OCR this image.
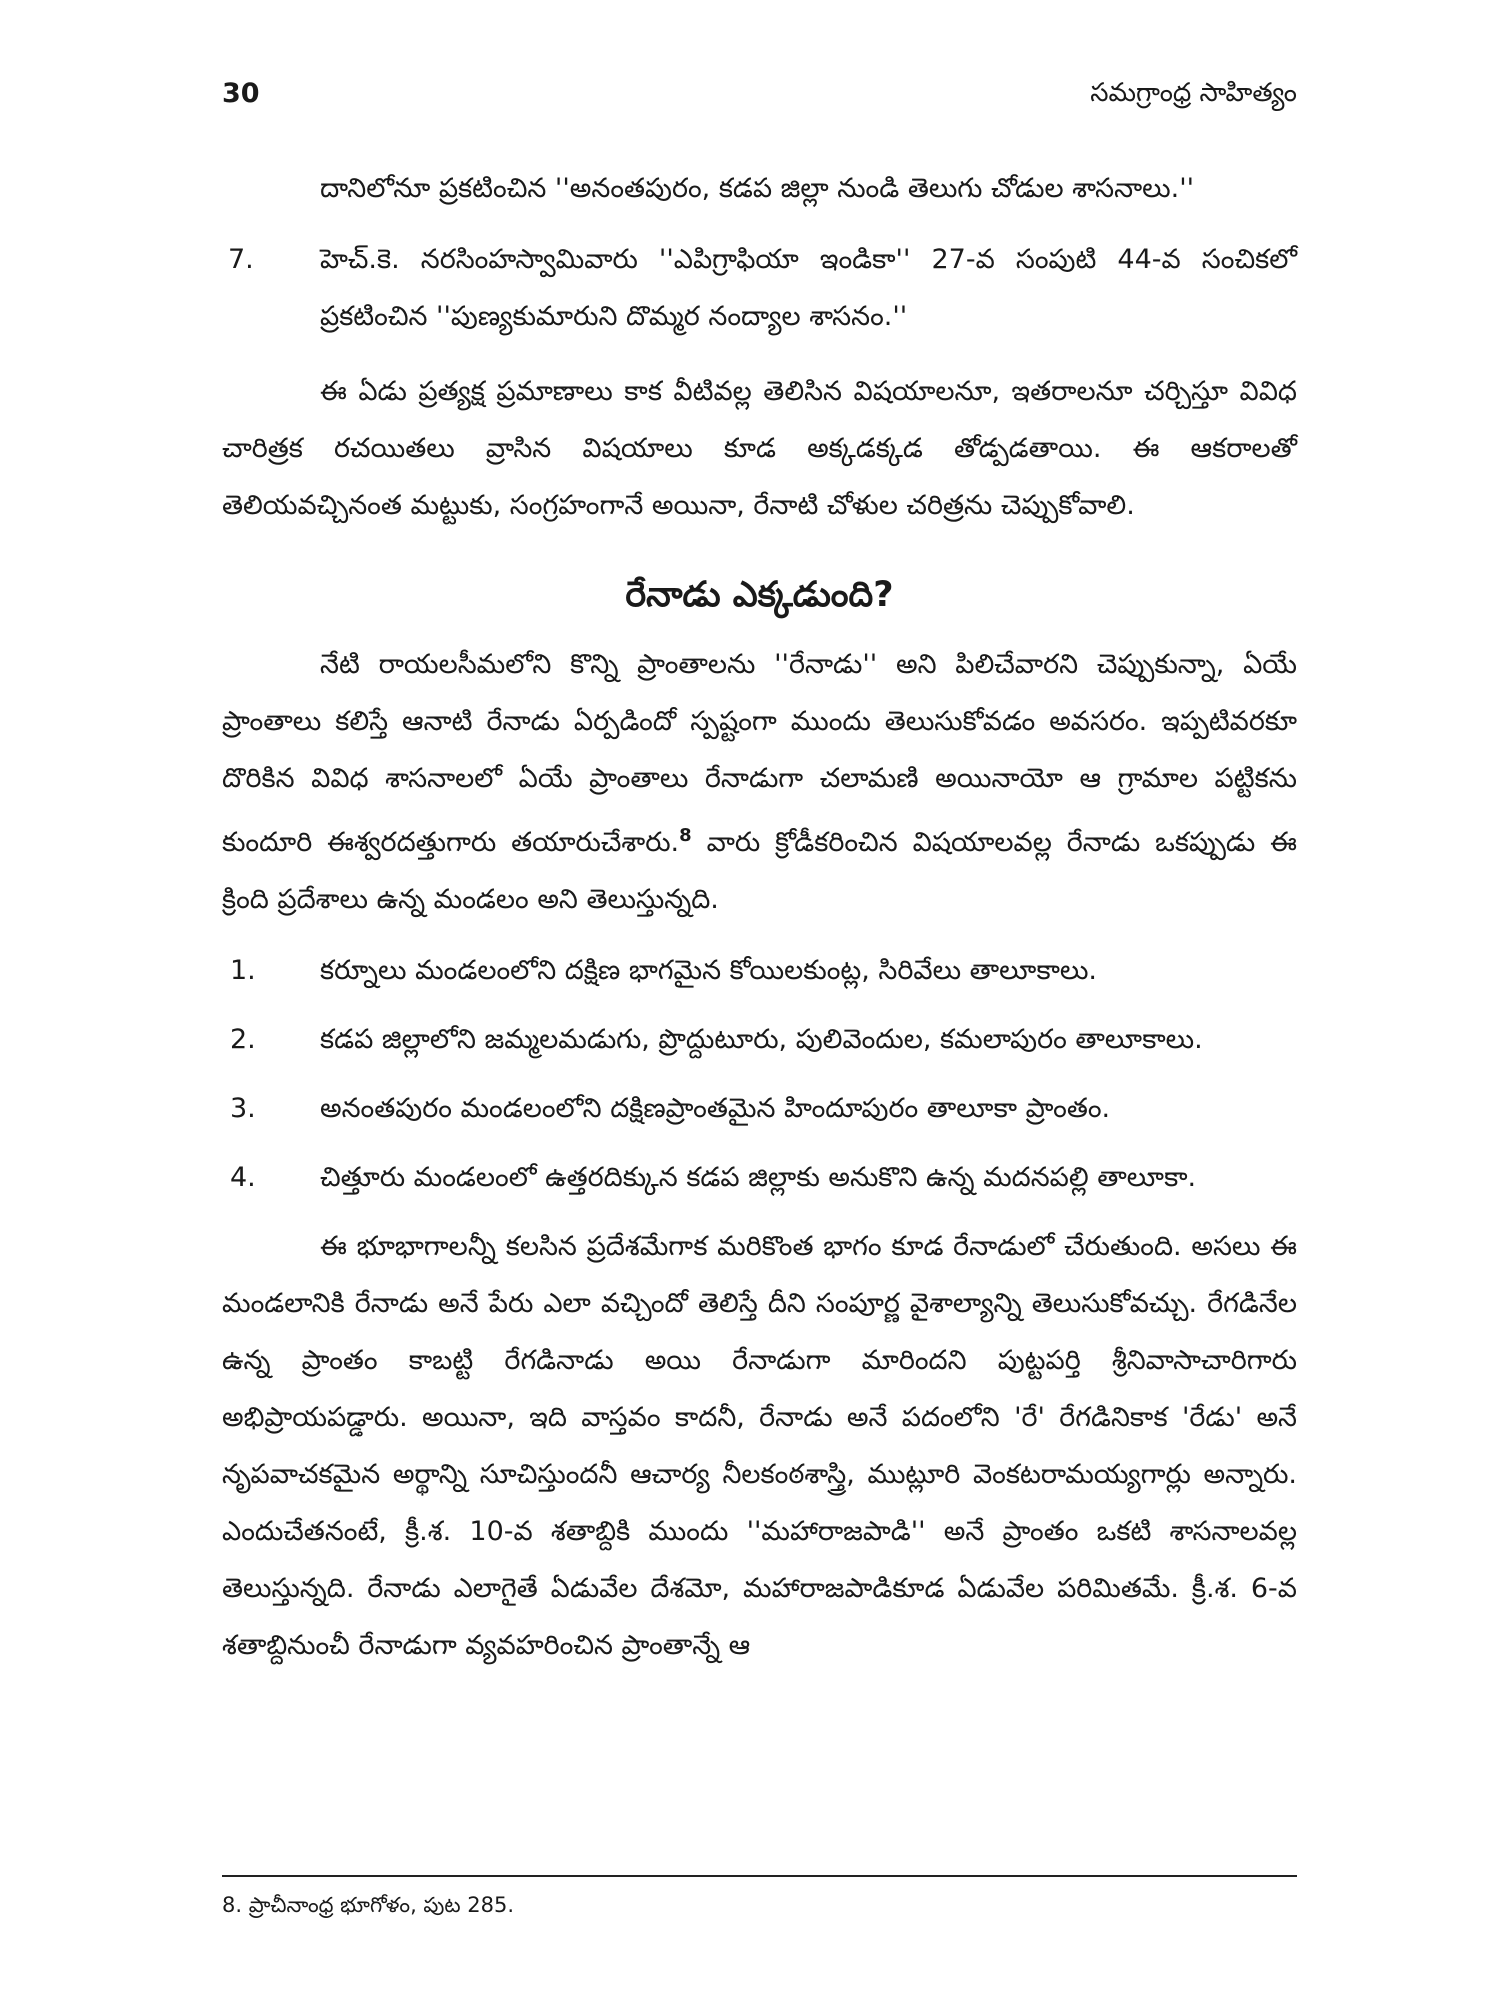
30	సమగ్రాంధ్ర సాహిత్యం

దానిలోనూ ప్రకటించిన ''అనంతపురం, కడప జిల్లా నుండి తెలుగు చోడుల శాసనాలు.''

7. హెచ్.కె. నరసింహస్వామివారు ''ఎపిగ్రాఫియా ఇండికా'' 27-వ సంపుటి 44-వ సంచికలో ప్రకటించిన ''పుణ్యకుమారుని దొమ్మర నంద్యాల శాసనం.''

ఈ ఏడు ప్రత్యక్ష ప్రమాణాలు కాక వీటివల్ల తెలిసిన విషయాలనూ, ఇతరాలనూ చర్చిస్తూ వివిధ చారిత్రక రచయితలు వ్రాసిన విషయాలు కూడ అక్కడక్కడ తోడ్పడతాయి. ఈ ఆకరాలతో తెలియవచ్చినంత మట్టుకు, సంగ్రహంగానే అయినా, రేనాటి చోళుల చరిత్రను చెప్పుకోవాలి.

రేనాడు ఎక్కడుంది?

నేటి రాయలసీమలోని కొన్ని ప్రాంతాలను ''రేనాడు'' అని పిలిచేవారని చెప్పుకున్నా, ఏయే ప్రాంతాలు కలిస్తే ఆనాటి రేనాడు ఏర్పడిందో స్పష్టంగా ముందు తెలుసుకోవడం అవసరం. ఇప్పటివరకూ దొరికిన వివిధ శాసనాలలో ఏయే ప్రాంతాలు రేనాడుగా చలామణి అయినాయో ఆ గ్రామాల పట్టికను కుందూరి ఈశ్వరదత్తుగారు తయారుచేశారు.$^8$ వారు క్రోడీకరించిన విషయాలవల్ల రేనాడు ఒకప్పుడు ఈ క్రింది ప్రదేశాలు ఉన్న మండలం అని తెలుస్తున్నది.

1. కర్నూలు మండలంలోని దక్షిణ భాగమైన కోయిలకుంట్ల, సిరివేలు తాలూకాలు.
2. కడప జిల్లాలోని జమ్మలమడుగు, ప్రొద్దుటూరు, పులివెందుల, కమలాపురం తాలూకాలు.
3. అనంతపురం మండలంలోని దక్షిణప్రాంతమైన హిందూపురం తాలూకా ప్రాంతం.
4. చిత్తూరు మండలంలో ఉత్తరదిక్కున కడప జిల్లాకు అనుకొని ఉన్న మదనపల్లి తాలూకా.

ఈ భూభాగాలన్నీ కలసిన ప్రదేశమేగాక మరికొంత భాగం కూడ రేనాడులో చేరుతుంది. అసలు ఈ మండలానికి రేనాడు అనే పేరు ఎలా వచ్చిందో తెలిస్తే దీని సంపూర్ణ వైశాల్యాన్ని తెలుసుకోవచ్చు. రేగడినేల ఉన్న ప్రాంతం కాబట్టి రేగడినాడు అయి రేనాడుగా మారిందని పుట్టపర్తి శ్రీనివాసాచారిగారు అభిప్రాయపడ్డారు. అయినా, ఇది వాస్తవం కాదనీ, రేనాడు అనే పదంలోని 'రే' రేగడినికాక 'రేడు' అనే నృపవాచకమైన అర్థాన్ని సూచిస్తుందనీ ఆచార్య నీలకంఠశాస్త్రి, ముట్లూరి వెంకటరామయ్యగార్లు అన్నారు. ఎందుచేతనంటే, క్రీ.శ. 10-వ శతాబ్దికి ముందు ''మహారాజపాడి'' అనే ప్రాంతం ఒకటి శాసనాలవల్ల తెలుస్తున్నది. రేనాడు ఎలాగైతే ఏడువేల దేశమో, మహారాజపాడికూడ ఏడువేల పరిమితమే. క్రీ.శ. 6-వ శతాబ్దినుంచీ రేనాడుగా వ్యవహరించిన ప్రాంతాన్నే ఆ

8. ప్రాచీనాంధ్ర భూగోళం, పుట 285.
